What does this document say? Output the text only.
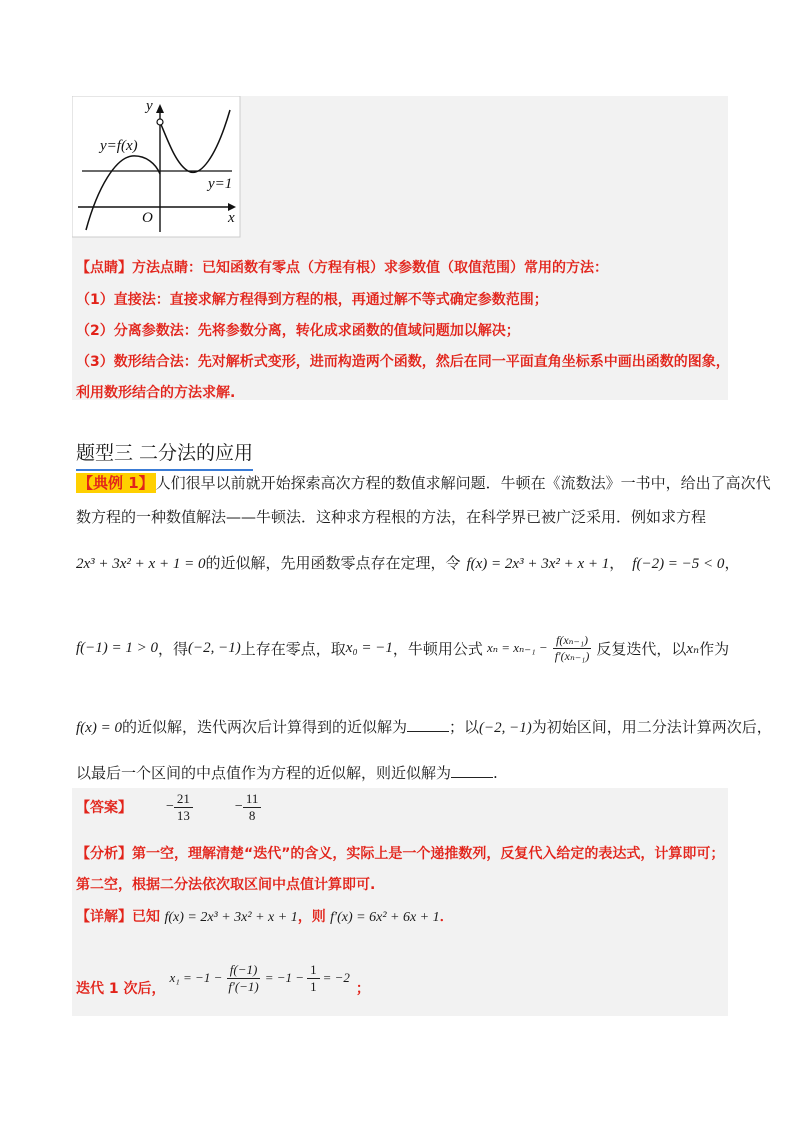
y
x
O
y=f(x)
y=1
【点睛】方法点睛：已知函数有零点（方程有根）求参数值（取值范围）常用的方法：
（1）直接法：直接求解方程得到方程的根，再通过解不等式确定参数范围；
（2）分离参数法：先将参数分离，转化成求函数的值域问题加以解决；
（3）数形结合法：先对解析式变形，进而构造两个函数，然后在同一平面直角坐标系中画出函数的图象，
利用数形结合的方法求解.
题型三 二分法的应用
【典例 1】 人们很早以前就开始探索高次方程的数值求解问题．牛顿在《流数法》一书中，给出了高次代
数方程的一种数值解法——牛顿法．这种求方程根的方法，在科学界已被广泛采用．例如求方程
2x³ + 3x² + x + 1 = 0的近似解，先用函数零点存在定理，令 f(x) = 2x³ + 3x² + x + 1， f(−2) = −5 < 0，
f(−1) = 1 > 0 ，得 (−2, −1) 上存在零点，取 x₀ = −1 ，牛顿用公式 $x_n = x_{n-1} - \frac{\text{f(xₙ₋₁)}}{\text{f′(xₙ₋₁)}}$ 反复迭代，以 xₙ 作为
f(x) = 0的近似解，迭代两次后计算得到的近似解为	；以(−2, −1)为初始区间，用二分法计算两次后，
以最后一个区间的中点值作为方程的近似解，则近似解为	.
【答案】 − $\frac{21}{13}$	− $\frac{11}{8}$
【分析】第一空，理解清楚“迭代”的含义，实际上是一个递推数列，反复代入给定的表达式，计算即可；
第二空，根据二分法依次取区间中点值计算即可.
【详解】已知 f(x) = 2x³ + 3x² + x + 1，则 f′(x) = 6x² + 6x + 1．
迭代 1 次后，
$x_1 = -1 - \frac{f(-1)}{f'(-1)} = -1 - \frac{1}{1} = -2$
；
